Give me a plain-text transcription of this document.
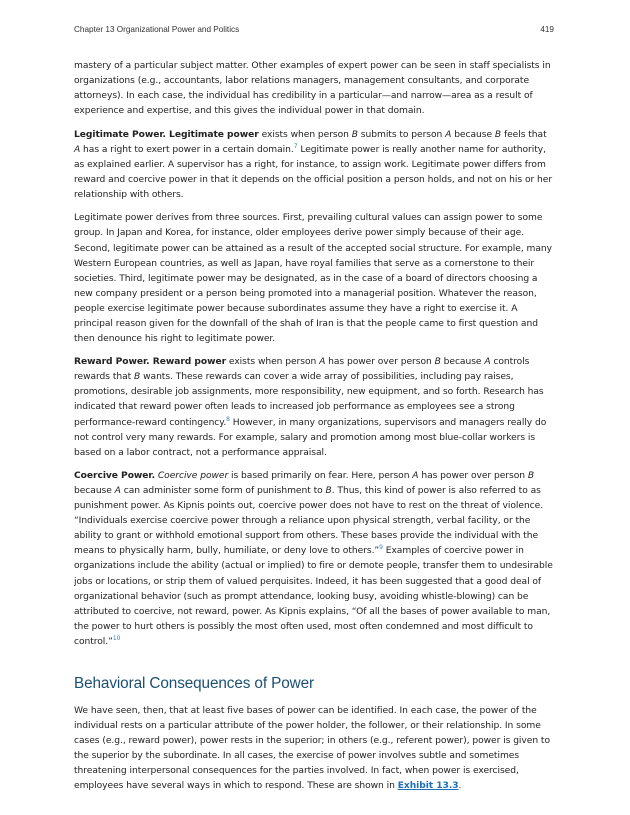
Chapter 13 Organizational Power and Politics	419

mastery of a particular subject matter. Other examples of expert power can be seen in staff specialists in organizations (e.g., accountants, labor relations managers, management consultants, and corporate attorneys). In each case, the individual has credibility in a particular—and narrow—area as a result of experience and expertise, and this gives the individual power in that domain.

Legitimate Power. Legitimate power exists when person B submits to person A because B feels that A has a right to exert power in a certain domain.$^7$ Legitimate power is really another name for authority, as explained earlier. A supervisor has a right, for instance, to assign work. Legitimate power differs from reward and coercive power in that it depends on the official position a person holds, and not on his or her relationship with others.

Legitimate power derives from three sources. First, prevailing cultural values can assign power to some group. In Japan and Korea, for instance, older employees derive power simply because of their age. Second, legitimate power can be attained as a result of the accepted social structure. For example, many Western European countries, as well as Japan, have royal families that serve as a cornerstone to their societies. Third, legitimate power may be designated, as in the case of a board of directors choosing a new company president or a person being promoted into a managerial position. Whatever the reason, people exercise legitimate power because subordinates assume they have a right to exercise it. A principal reason given for the downfall of the shah of Iran is that the people came to first question and then denounce his right to legitimate power.

Reward Power. Reward power exists when person A has power over person B because A controls rewards that B wants. These rewards can cover a wide array of possibilities, including pay raises, promotions, desirable job assignments, more responsibility, new equipment, and so forth. Research has indicated that reward power often leads to increased job performance as employees see a strong performance-reward contingency.$^8$ However, in many organizations, supervisors and managers really do not control very many rewards. For example, salary and promotion among most blue-collar workers is based on a labor contract, not a performance appraisal.

Coercive Power. Coercive power is based primarily on fear. Here, person A has power over person B because A can administer some form of punishment to B. Thus, this kind of power is also referred to as punishment power. As Kipnis points out, coercive power does not have to rest on the threat of violence. “Individuals exercise coercive power through a reliance upon physical strength, verbal facility, or the ability to grant or withhold emotional support from others. These bases provide the individual with the means to physically harm, bully, humiliate, or deny love to others.”$^9$ Examples of coercive power in organizations include the ability (actual or implied) to fire or demote people, transfer them to undesirable jobs or locations, or strip them of valued perquisites. Indeed, it has been suggested that a good deal of organizational behavior (such as prompt attendance, looking busy, avoiding whistle-blowing) can be attributed to coercive, not reward, power. As Kipnis explains, “Of all the bases of power available to man, the power to hurt others is possibly the most often used, most often condemned and most difficult to control.”$^{10}$

Behavioral Consequences of Power

We have seen, then, that at least five bases of power can be identified. In each case, the power of the individual rests on a particular attribute of the power holder, the follower, or their relationship. In some cases (e.g., reward power), power rests in the superior; in others (e.g., referent power), power is given to the superior by the subordinate. In all cases, the exercise of power involves subtle and sometimes threatening interpersonal consequences for the parties involved. In fact, when power is exercised, employees have several ways in which to respond. These are shown in Exhibit 13.3.
